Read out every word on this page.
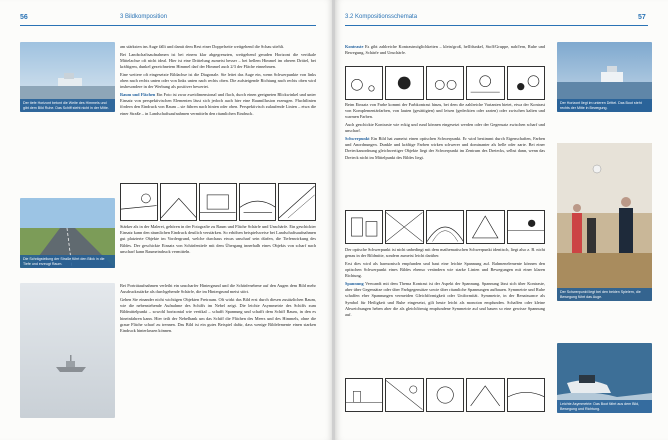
56	3 Bildkomposition
Der tiefe Horizont betont die Weite des Himmels und gibt dem Bild Ruhe. Das Schiff steht nicht in der Mitte.
Die Schrägstellung der Straße führt den Blick in die Tiefe und erzeugt Raum.

am stärksten ins Auge fällt und damit dem Rest einer Doppelseite weitgehend die Schau stiehlt.

Bei Landschaftsaufnahmen ist bei einem klar abgegrenzten, weitgehend geraden Horizont die vertikale Mittelachse oft nicht ideal. Hier ist eine Drittelung zumeist besser – bei hellem Himmel im oberen Drittel, bei kräftigem, dunkel gezeichnetem Himmel darf der Himmel auch 2/3 der Fläche einnehmen.

Eine weitere oft eingesetzte Bildachse ist die Diagonale. Sie leitet das Auge ein, wenn Schwerpunkte von links oben nach rechts unten oder von links unten nach rechts oben. Die aufsteigende Richtung nach rechts oben wird insbesondere in der Werbung als positiver bewertet.

Raum und Flächen Ein Foto ist zwar zweidimensional und flach, durch einen geeigneten Blickwinkel und unter Einsatz von perspektivischen Elementen lässt sich jedoch auch hier eine Raumillusion erzeugen. Fluchtlinien fördern den Eindruck von Raum – sie führen nach hinten oder oben. Perspektivisch zulaufende Linien – etwa die einer Straße – in Landschaftsaufnahmen vermitteln den räumlichen Eindruck.

Stärker als in der Malerei, gehören in der Fotografie zu Raum und Fläche Schärfe und Unschärfe. Ein geschickter Einsatz kann den räumlichen Eindruck deutlich verstärken. So erhöhen beispielsweise bei Landschaftsaufnahmen gut platzierte Objekte im Vordergrund, welche durchaus etwas unscharf sein dürfen, die Tiefenwirkung des Bildes. Der geschickte Einsatz von Schärfentiefe mit dem Übergang innerhalb eines Objekts von scharf nach unscharf kann Raumeindruck vermitteln.

Bei Porträtaufnahmen verleiht ein unscharfer Hintergrund und die Schärfenebene auf den Augen dem Bild mehr Ausdrucksstärke als durchgehende Schärfe, die im Hintergrund meist stört.

Gehen Sie einander nicht wichtigen Objekten Freiraum. Oft wirkt das Bild erst durch diesen zusätzlichen Raum, wie die nebenstehende Aufnahme des Schiffs im Nebel zeigt. Die leichte Asymmetrie des Schiffs zum Bildmittelpunkt – sowohl horizontal wie vertikal – schafft Spannung und schafft dem Schiff Raum, in den es hineinfahren kann. Hier teilt der Nebelbank um das Schiff die Flächen des Meers und des Himmels, ohne die graue Fläche scharf zu trennen. Das Bild ist ein gutes Beispiel dafür, dass wenige Bildelemente einen starken Eindruck hinterlassen können.

3.2 Kompositionsschemata	57

Kontraste Es gibt zahlreiche Kontrastmöglichkeiten – klein/groß, hell/dunkel, Stoff/Gruppe, nah/fern, Ruhe und Bewegung, Schärfe und Unschärfe.

Beim Einsatz von Farbe kommt der Farbkontrast hinzu, bei dem die zahlreiche Varianten bietet, etwa der Kontrast von Komplementärfarben, von lauten (gesättigten) und leisen (gedeckten oder zarten) oder zwischen kalten und warmen Farben.

Auch geschickte Kontraste wie eckig und rund können eingesetzt werden oder der Gegensatz zwischen scharf und unscharf.

Schwerpunkt Ein Bild hat zumeist einen optischen Schwerpunkt. Er wird bestimmt durch Eigenschaften, Farben und Anordnungen. Dunkle und kräftige Farben wirken schwerer und dominanter als helle oder zarte. Bei einer Dreieckanordnung gleichwertiger Objekte liegt der Schwerpunkt im Zentrum des Dreiecks, selbst dann, wenn das Dreieck nicht im Mittelpunkt des Bildes liegt.

Der optische Schwerpunkt ist nicht unbedingt mit dem mathematischen Schwerpunkt identisch, liegt also z. B. nicht genau in der Bildmitte, sondern zumeist leicht darüber.

Erst dies wird als harmonisch empfunden und baut eine leichte Spannung auf. Rahmenelemente können den optischen Schwerpunkt eines Bildes ebenso verändern wie starke Linien und Bewegungen mit einer klaren Richtung.

Spannung Verwandt mit dem Thema Kontrast ist der Aspekt der Spannung. Spannung lässt sich über Kontraste, aber über Gegensätze oder über Farbgegensätze sowie über räumliche Spannungen aufbauen. Symmetrie und Ruhe schaffen eher Spannungen vermeiden Gleichförmigkeit oder Uniformität. Symmetrie, in der Renaissance als Symbol für Heiligkeit und Ruhe eingesetzt, gilt heute leicht als monoton empfunden. Schaffen oder kleine Abweichungen heben aber die als gleichförmig empfundene Symmetrie auf und bauen so eine gewisse Spannung auf.

Der Horizont liegt im unteren Drittel. Das Boot steht rechts der Mitte in Bewegung.
Der Schwerpunkt liegt bei den beiden Spielern, die Bewegung führt das Auge.
Leichte Asymmetrie: Das Boot fährt aus dem Bild, Bewegung und Richtung.
